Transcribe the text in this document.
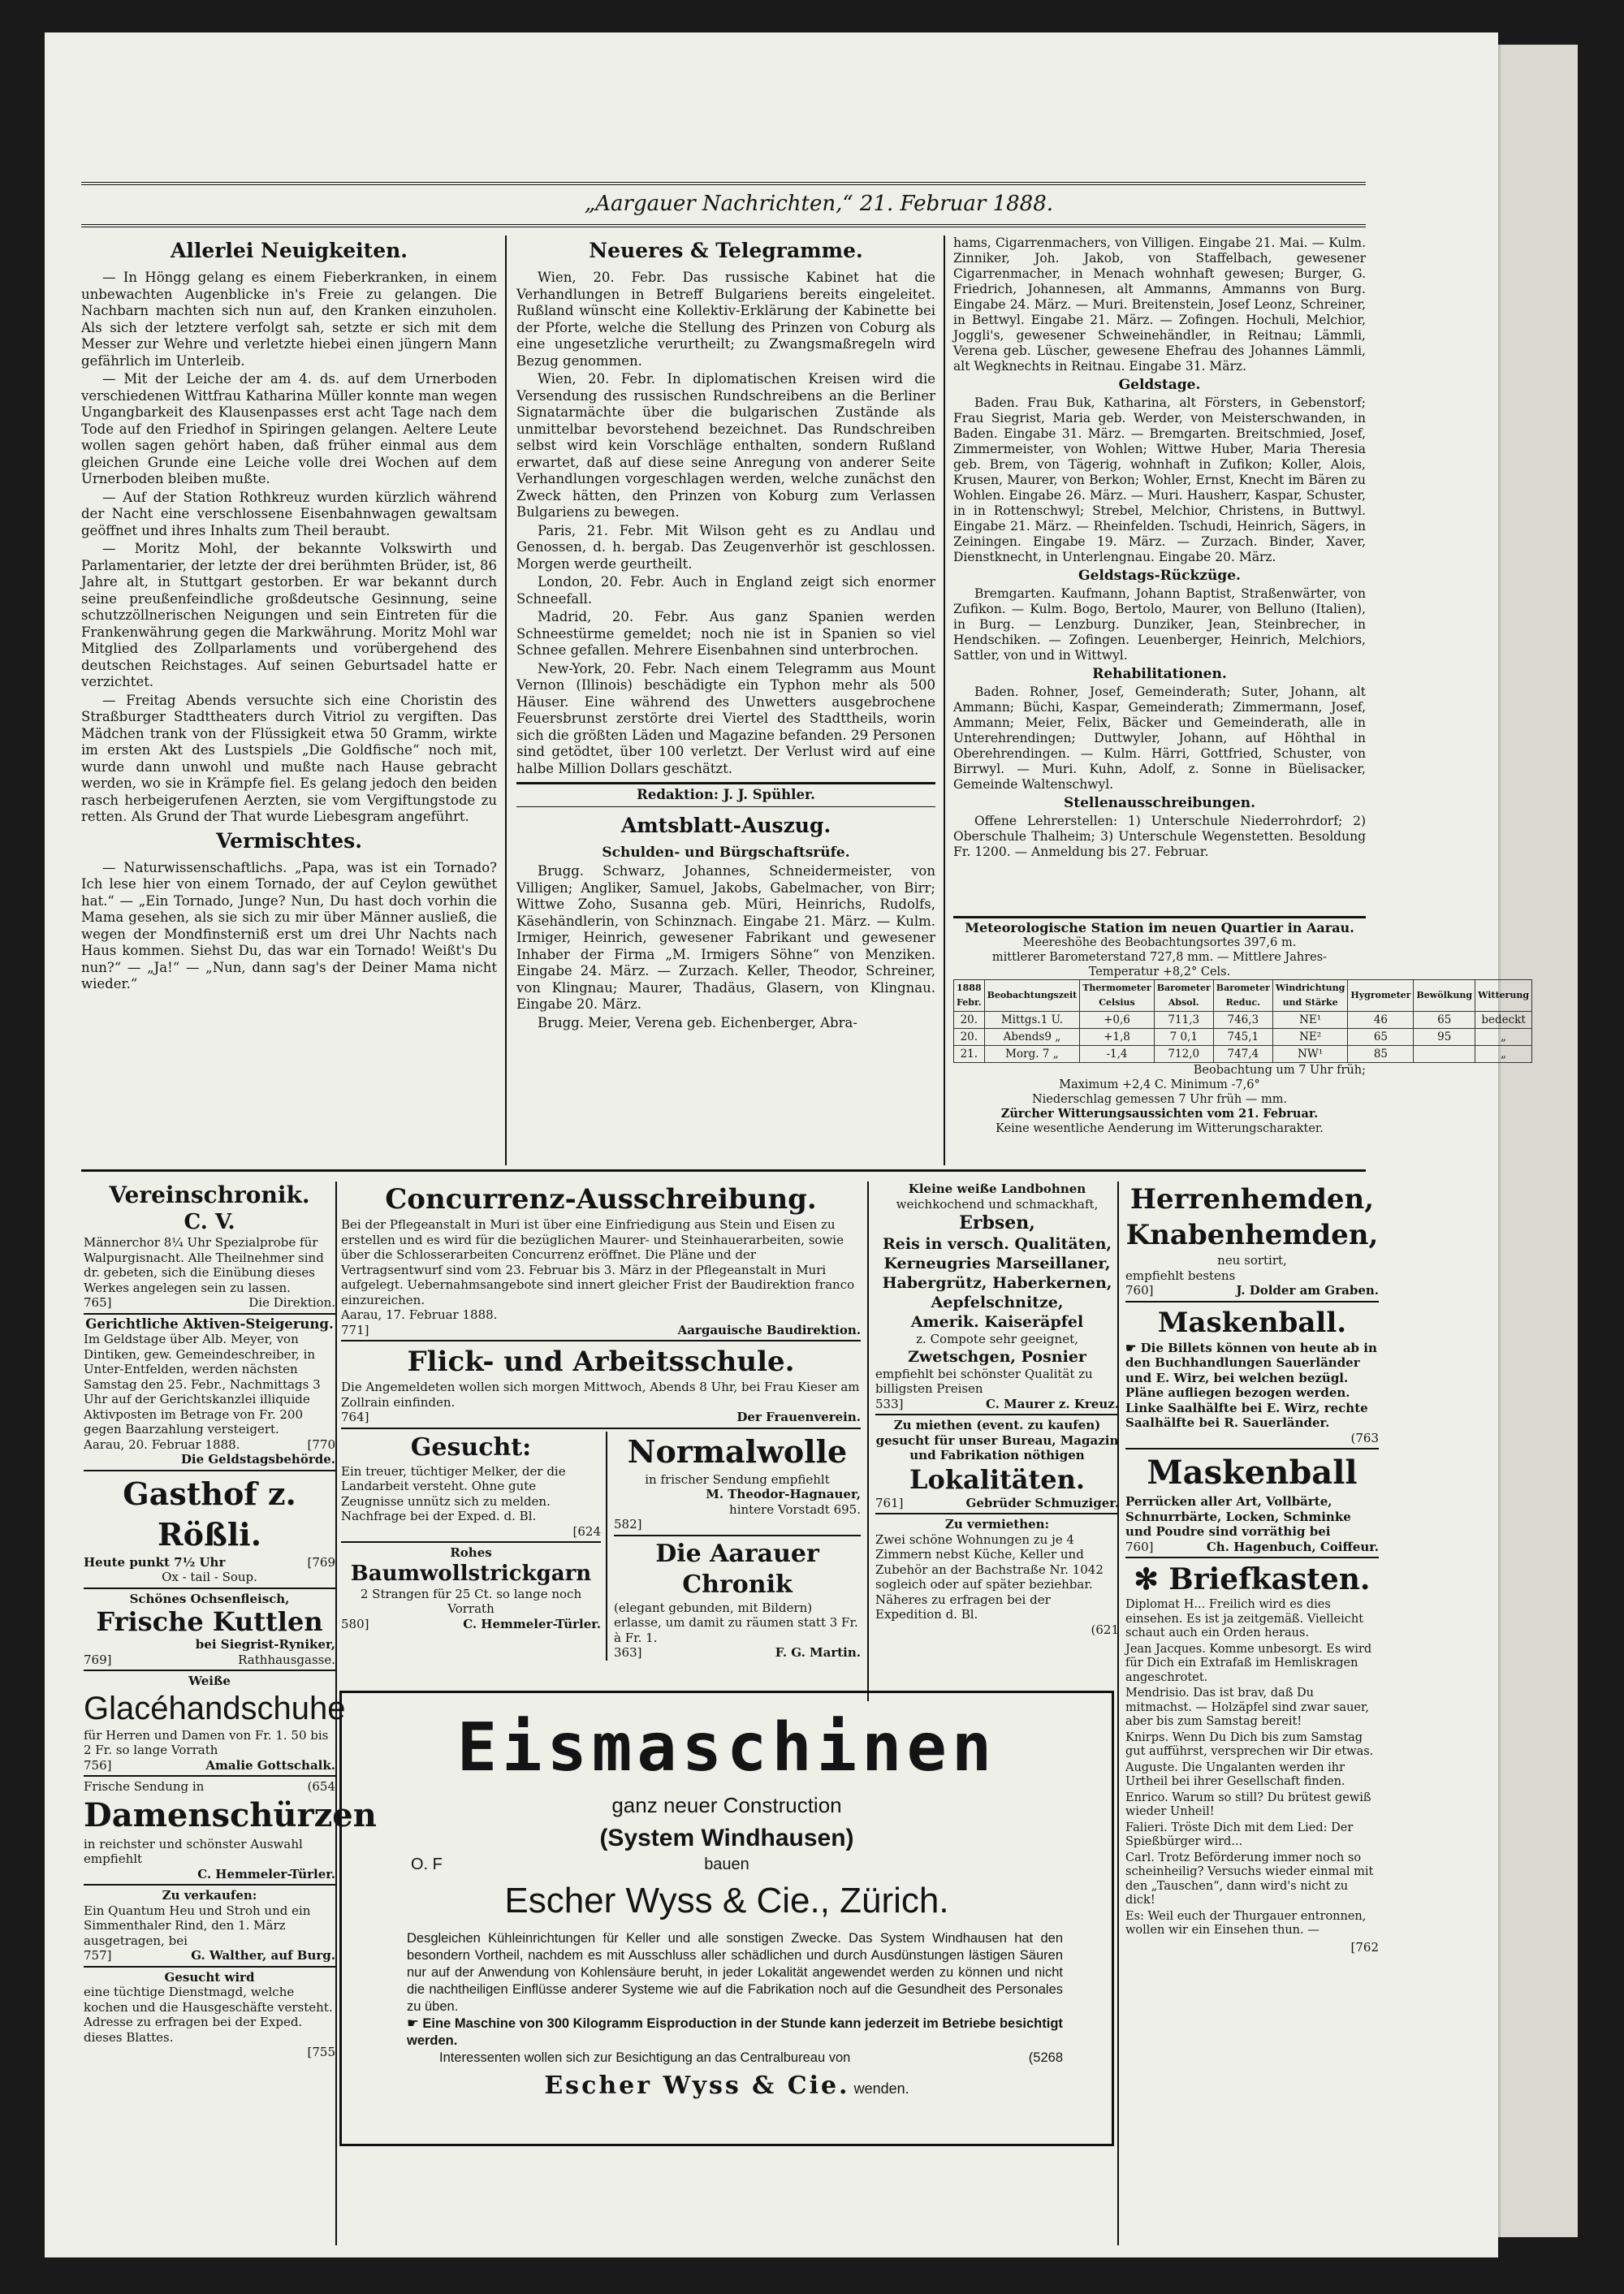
„Aargauer Nachrichten,“ 21. Februar 1888.
Allerlei Neuigkeiten.

— In Höngg gelang es einem Fieberkranken, in einem unbewachten Augenblicke in's Freie zu gelangen. Die Nachbarn machten sich nun auf, den Kranken einzuholen. Als sich der letztere verfolgt sah, setzte er sich mit dem Messer zur Wehre und verletzte hiebei einen jüngern Mann gefährlich im Unterleib.

— Mit der Leiche der am 4. ds. auf dem Urnerboden verschiedenen Wittfrau Katharina Müller konnte man wegen Ungangbarkeit des Klausenpasses erst acht Tage nach dem Tode auf den Friedhof in Spiringen gelangen. Aeltere Leute wollen sagen gehört haben, daß früher einmal aus dem gleichen Grunde eine Leiche volle drei Wochen auf dem Urnerboden bleiben mußte.

— Auf der Station Rothkreuz wurden kürzlich während der Nacht eine verschlossene Eisenbahnwagen gewaltsam geöffnet und ihres Inhalts zum Theil beraubt.

— Moritz Mohl, der bekannte Volkswirth und Parlamentarier, der letzte der drei berühmten Brüder, ist, 86 Jahre alt, in Stuttgart gestorben. Er war bekannt durch seine preußenfeindliche großdeutsche Gesinnung, seine schutzzöllnerischen Neigungen und sein Eintreten für die Frankenwährung gegen die Markwährung. Moritz Mohl war Mitglied des Zollparlaments und vorübergehend des deutschen Reichstages. Auf seinen Geburtsadel hatte er verzichtet.

— Freitag Abends versuchte sich eine Choristin des Straßburger Stadttheaters durch Vitriol zu vergiften. Das Mädchen trank von der Flüssigkeit etwa 50 Gramm, wirkte im ersten Akt des Lustspiels „Die Goldfische“ noch mit, wurde dann unwohl und mußte nach Hause gebracht werden, wo sie in Krämpfe fiel. Es gelang jedoch den beiden rasch herbeigerufenen Aerzten, sie vom Vergiftungstode zu retten. Als Grund der That wurde Liebesgram angeführt.

Vermischtes.

— Naturwissenschaftlichs. „Papa, was ist ein Tornado? Ich lese hier von einem Tornado, der auf Ceylon gewüthet hat.“ — „Ein Tornado, Junge? Nun, Du hast doch vorhin die Mama gesehen, als sie sich zu mir über Männer ausließ, die wegen der Mondfinsterniß erst um drei Uhr Nachts nach Haus kommen. Siehst Du, das war ein Tornado! Weißt's Du nun?“ — „Ja!“ — „Nun, dann sag's der Deiner Mama nicht wieder.“

Neueres & Telegramme.

Wien, 20. Febr. Das russische Kabinet hat die Verhandlungen in Betreff Bulgariens bereits eingeleitet. Rußland wünscht eine Kollektiv-Erklärung der Kabinette bei der Pforte, welche die Stellung des Prinzen von Coburg als eine ungesetzliche verurtheilt; zu Zwangsmaßregeln wird Bezug genommen.

Wien, 20. Febr. In diplomatischen Kreisen wird die Versendung des russischen Rundschreibens an die Berliner Signatarmächte über die bulgarischen Zustände als unmittelbar bevorstehend bezeichnet. Das Rundschreiben selbst wird kein Vorschläge enthalten, sondern Rußland erwartet, daß auf diese seine Anregung von anderer Seite Verhandlungen vorgeschlagen werden, welche zunächst den Zweck hätten, den Prinzen von Koburg zum Verlassen Bulgariens zu bewegen.

Paris, 21. Febr. Mit Wilson geht es zu Andlau und Genossen, d. h. bergab. Das Zeugenverhör ist geschlossen. Morgen werde geurtheilt.

London, 20. Febr. Auch in England zeigt sich enormer Schneefall.

Madrid, 20. Febr. Aus ganz Spanien werden Schneestürme gemeldet; noch nie ist in Spanien so viel Schnee gefallen. Mehrere Eisenbahnen sind unterbrochen.

New-York, 20. Febr. Nach einem Telegramm aus Mount Vernon (Illinois) beschädigte ein Typhon mehr als 500 Häuser. Eine während des Unwetters ausgebrochene Feuersbrunst zerstörte drei Viertel des Stadttheils, worin sich die größten Läden und Magazine befanden. 29 Personen sind getödtet, über 100 verletzt. Der Verlust wird auf eine halbe Million Dollars geschätzt.

Redaktion: J. J. Spühler.
Amtsblatt-Auszug.
Schulden- und Bürgschaftsrüfe.

Brugg. Schwarz, Johannes, Schneidermeister, von Villigen; Angliker, Samuel, Jakobs, Gabelmacher, von Birr; Wittwe Zoho, Susanna geb. Müri, Heinrichs, Rudolfs, Käsehändlerin, von Schinznach. Eingabe 21. März. — Kulm. Irmiger, Heinrich, gewesener Fabrikant und gewesener Inhaber der Firma „M. Irmigers Söhne“ von Menziken. Eingabe 24. März. — Zurzach. Keller, Theodor, Schreiner, von Klingnau; Maurer, Thadäus, Glasern, von Klingnau. Eingabe 20. März.

Brugg. Meier, Verena geb. Eichenberger, Abra-

hams, Cigarrenmachers, von Villigen. Eingabe 21. Mai. — Kulm. Zinniker, Joh. Jakob, von Staffelbach, gewesener Cigarrenmacher, in Menach wohnhaft gewesen; Burger, G. Friedrich, Johannesen, alt Ammanns, Ammanns von Burg. Eingabe 24. März. — Muri. Breitenstein, Josef Leonz, Schreiner, in Bettwyl. Eingabe 21. März. — Zofingen. Hochuli, Melchior, Joggli's, gewesener Schweinehändler, in Reitnau; Lämmli, Verena geb. Lüscher, gewesene Ehefrau des Johannes Lämmli, alt Wegknechts in Reitnau. Eingabe 31. März.

Geldstage.

Baden. Frau Buk, Katharina, alt Försters, in Gebenstorf; Frau Siegrist, Maria geb. Werder, von Meisterschwanden, in Baden. Eingabe 31. März. — Bremgarten. Breitschmied, Josef, Zimmermeister, von Wohlen; Wittwe Huber, Maria Theresia geb. Brem, von Tägerig, wohnhaft in Zufikon; Koller, Alois, Krusen, Maurer, von Berkon; Wohler, Ernst, Knecht im Bären zu Wohlen. Eingabe 26. März. — Muri. Hausherr, Kaspar, Schuster, in in Rottenschwyl; Strebel, Melchior, Christens, in Buttwyl. Eingabe 21. März. — Rheinfelden. Tschudi, Heinrich, Sägers, in Zeiningen. Eingabe 19. März. — Zurzach. Binder, Xaver, Dienstknecht, in Unterlengnau. Eingabe 20. März.

Geldstags-Rückzüge.

Bremgarten. Kaufmann, Johann Baptist, Straßenwärter, von Zufikon. — Kulm. Bogo, Bertolo, Maurer, von Belluno (Italien), in Burg. — Lenzburg. Dunziker, Jean, Steinbrecher, in Hendschiken. — Zofingen. Leuenberger, Heinrich, Melchiors, Sattler, von und in Wittwyl.

Rehabilitationen.

Baden. Rohner, Josef, Gemeinderath; Suter, Johann, alt Ammann; Büchi, Kaspar, Gemeinderath; Zimmermann, Josef, Ammann; Meier, Felix, Bäcker und Gemeinderath, alle in Unterehrendingen; Duttwyler, Johann, auf Höhthal in Oberehrendingen. — Kulm. Härri, Gottfried, Schuster, von Birrwyl. — Muri. Kuhn, Adolf, z. Sonne in Büelisacker, Gemeinde Waltenschwyl.

Stellenausschreibungen.

Offene Lehrerstellen: 1) Unterschule Niederrohrdorf; 2) Oberschule Thalheim; 3) Unterschule Wegenstetten. Besoldung Fr. 1200. — Anmeldung bis 27. Februar.

Meteorologische Station im neuen Quartier in Aarau.
Meereshöhe des Beobachtungsortes 397,6 m.
mittlerer Barometerstand 727,8 mm. — Mittlere Jahres-
Temperatur +8,2° Cels.
1888 Febr.	Beobachtungszeit	Thermometer Celsius	Barometer Absol.	Barometer Reduc.	Windrichtung und Stärke	Hygrometer	Bewölkung	Witterung
20.	Mittgs.1 U.	+0,6	711,3	746,3	NE¹	46	65	bedeckt
20.	Abends9 „	+1,8	7 0,1	745,1	NE²	65	95	„
21.	Morg. 7 „	-1,4	712,0	747,4	NW¹	85		„
Beobachtung um 7 Uhr früh;
Maximum +2,4 C. Minimum -7,6°
Niederschlag gemessen 7 Uhr früh — mm.
Zürcher Witterungsaussichten vom 21. Februar.
Keine wesentliche Aenderung im Witterungscharakter.
Vereinschronik.
C. V.
Männerchor 8¼ Uhr Spezialprobe für Walpurgisnacht. Alle Theilnehmer sind dr. gebeten, sich die Einübung dieses Werkes angelegen sein zu lassen.
765]	Die Direktion.
Gerichtliche Aktiven-Steigerung.
Im Geldstage über Alb. Meyer, von Dintiken, gew. Gemeindeschreiber, in Unter-Entfelden, werden nächsten Samstag den 25. Febr., Nachmittags 3 Uhr auf der Gerichtskanzlei illiquide Aktivposten im Betrage von Fr. 200 gegen Baarzahlung versteigert.
Aarau, 20. Februar 1888.	[770
Die Geldstagsbehörde.
Gasthof z. Rößli.
Heute punkt 7½ Uhr	[769
Ox - tail - Soup.
Schönes Ochsenfleisch,
Frische Kuttlen
bei Siegrist-Ryniker,
769]	Rathhausgasse.
Weiße
Glacéhandschuhe
für Herren und Damen von Fr. 1. 50 bis 2 Fr. so lange Vorrath
756]	Amalie Gottschalk.
Frische Sendung in	(654
Damenschürzen
in reichster und schönster Auswahl empfiehlt
C. Hemmeler-Türler.
Zu verkaufen:
Ein Quantum Heu und Stroh und ein Simmenthaler Rind, den 1. März ausgetragen, bei
757]	G. Walther, auf Burg.
Gesucht wird
eine tüchtige Dienstmagd, welche kochen und die Hausgeschäfte versteht. Adresse zu erfragen bei der Exped. dieses Blattes.
[755
Concurrenz-Ausschreibung.
Bei der Pflegeanstalt in Muri ist über eine Einfriedigung aus Stein und Eisen zu erstellen und es wird für die bezüglichen Maurer- und Steinhauerarbeiten, sowie über die Schlosserarbeiten Concurrenz eröffnet. Die Pläne und der Vertragsentwurf sind vom 23. Februar bis 3. März in der Pflegeanstalt in Muri aufgelegt. Uebernahmsangebote sind innert gleicher Frist der Baudirektion franco einzureichen.
Aarau, 17. Februar 1888.
771]	Aargauische Baudirektion.
Flick- und Arbeitsschule.
Die Angemeldeten wollen sich morgen Mittwoch, Abends 8 Uhr, bei Frau Kieser am Zollrain einfinden.
764]	Der Frauenverein.
Gesucht:
Ein treuer, tüchtiger Melker, der die Landarbeit versteht. Ohne gute Zeugnisse unnütz sich zu melden. Nachfrage bei der Exped. d. Bl.
[624
Rohes
Baumwollstrickgarn
2 Strangen für 25 Ct. so lange noch Vorrath
580]	C. Hemmeler-Türler.
Normalwolle
in frischer Sendung empfiehlt
M. Theodor-Hagnauer,
hintere Vorstadt 695.
582]
Die Aarauer Chronik
(elegant gebunden, mit Bildern) erlasse, um damit zu räumen statt 3 Fr. à Fr. 1.
363]	F. G. Martin.
Kleine weiße Landbohnen
weichkochend und schmackhaft,
Erbsen,
Reis in versch. Qualitäten,
Kerneugries Marseillaner,
Habergrütz, Haberkernen,
Aepfelschnitze,
Amerik. Kaiseräpfel
z. Compote sehr geeignet,
Zwetschgen, Posnier
empfiehlt bei schönster Qualität zu billigsten Preisen
533]	C. Maurer z. Kreuz.
Zu miethen (event. zu kaufen) gesucht für unser Bureau, Magazin und Fabrikation nöthigen
Lokalitäten.
761]	Gebrüder Schmuziger.
Zu vermiethen:
Zwei schöne Wohnungen zu je 4 Zimmern nebst Küche, Keller und Zubehör an der Bachstraße Nr. 1042 sogleich oder auf später beziehbar. Näheres zu erfragen bei der Expedition d. Bl.
(621
Herrenhemden,
Knabenhemden,
neu sortirt,
empfiehlt bestens
760]	J. Dolder am Graben.
Maskenball.
☛ Die Billets können von heute ab in den Buchhandlungen Sauerländer und E. Wirz, bei welchen bezügl. Pläne aufliegen bezogen werden. Linke Saalhälfte bei E. Wirz, rechte Saalhälfte bei R. Sauerländer.
(763
Maskenball
Perrücken aller Art, Vollbärte, Schnurrbärte, Locken, Schminke und Poudre sind vorräthig bei
760]	Ch. Hagenbuch, Coiffeur.
✻ Briefkasten.
Diplomat H... Freilich wird es dies einsehen. Es ist ja zeitgemäß. Vielleicht schaut auch ein Orden heraus.
Jean Jacques. Komme unbesorgt. Es wird für Dich ein Extrafaß im Hemliskragen angeschrotet.
Mendrisio. Das ist brav, daß Du mitmachst. — Holzäpfel sind zwar sauer, aber bis zum Samstag bereit!
Knirps. Wenn Du Dich bis zum Samstag gut aufführst, versprechen wir Dir etwas.
Auguste. Die Ungalanten werden ihr Urtheil bei ihrer Gesellschaft finden.
Enrico. Warum so still? Du brütest gewiß wieder Unheil!
Falieri. Tröste Dich mit dem Lied: Der Spießbürger wird...
Carl. Trotz Beförderung immer noch so scheinheilig? Versuchs wieder einmal mit den „Tauschen“, dann wird's nicht zu dick!
Es: Weil euch der Thurgauer entronnen, wollen wir ein Einsehen thun. —
[762
Eismaschinen
ganz neuer Construction
(System Windhausen)
O. F	bauen
Escher Wyss & Cie., Zürich.
Desgleichen Kühleinrichtungen für Keller und alle sonstigen Zwecke. Das System Windhausen hat den besondern Vortheil, nachdem es mit Ausschluss aller schädlichen und durch Ausdünstungen lästigen Säuren nur auf der Anwendung von Kohlensäure beruht, in jeder Lokalität angewendet werden zu können und nicht die nachtheiligen Einflüsse anderer Systeme wie auf die Fabrikation noch auf die Gesundheit des Personales zu üben.
☛ Eine Maschine von 300 Kilogramm Eisproduction in der Stunde kann jederzeit im Betriebe besichtigt werden.
Interessenten wollen sich zur Besichtigung an das Centralbureau von	(5268
Escher Wyss & Cie. wenden.
